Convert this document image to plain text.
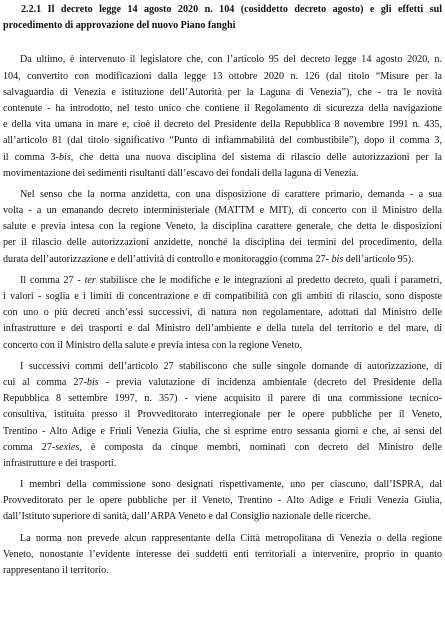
2.2.1 Il decreto legge 14 agosto 2020 n. 104 (cosiddetto decreto agosto) e gli effetti sul
procedimento di approvazione del nuovo Piano fanghi
Da ultimo, è intervenuto il legislatore che, con l’articolo 95 del decreto legge 14 agosto 2020, n.
104, convertito con modificazioni dalla legge 13 ottobre 2020 n. 126 (dal titolo “Misure per la
salvaguardia di Venezia e istituzione dell’Autorità per la Laguna di Venezia”), che - tra le novità
contenute - ha introdotto, nel testo unico che contiene il Regolamento di sicurezza della navigazione
e della vita umana in mare e, cioè il decreto del Presidente della Repubblica 8 novembre 1991 n. 435,
all’articolo 81 (dal titolo significativo “Punto di infiammabilità del combustibile”), dopo il comma 3,
il comma 3-bis, che detta una nuova disciplina del sistema di rilascio delle autorizzazioni per la
movimentazione dei sedimenti risultanti dall’escavo dei fondali della laguna di Venezia.
Nel senso che la norma anzidetta, con una disposizione di carattere primario, demanda - a sua
volta - a un emanando decreto interministeriale (MATTM e MIT), di concerto con il Ministro della
salute e previa intesa con la regione Veneto, la disciplina carattere generale, che detta le disposizioni
per il rilascio delle autorizzazioni anzidette, nonché la disciplina dei termini del procedimento, della
durata dell’autorizzazione e dell’attività di controllo e monitoraggio (comma 27- bis dell’articolo 95).
Il comma 27 - ter stabilisce che le modifiche e le integrazioni al predetto decreto, quali i parametri,
i valori - soglia e i limiti di concentrazione e di compatibilità con gli ambiti di rilascio, sono disposte
con uno o più decreti anch’essi successivi, di natura non regolamentare, adottati dal Ministro delle
infrastrutture e dei trasporti e dal Ministro dell’ambiente e della tutela del territorio e del mare, di
concerto con il Ministro della salute e previa intesa con la regione Veneto.
I successivi commi dell’articolo 27 stabiliscono che sulle singole domande di autorizzazione, di
cui al comma 27-bis - previa valutazione di incidenza ambientale (decreto del Presidente della
Repubblica 8 settembre 1997, n. 357) - viene acquisito il parere di una commissione tecnico-
consultiva, istituita presso il Provveditorato interregionale per le opere pubbliche per il Veneto,
Trentino - Alto Adige e Friuli Venezia Giulia, che si esprime entro sessanta giorni e che, ai sensi del
comma 27-sexies, è composta da cinque membri, nominati con decreto del Ministro delle
infrastrutture e dei trasporti.
I membri della commissione sono designati rispettivamente, uno per ciascuno, dall’ISPRA, dal
Provveditorato per le opere pubbliche per il Veneto, Trentino - Alto Adige e Friuli Venezia Giulia,
dall’Istituto superiore di sanità, dall’ARPA Veneto e dal Consiglio nazionale delle ricerche.
La norma non prevede alcun rappresentante della Città metropolitana di Venezia o della regione
Veneto, nonostante l’evidente interesse dei suddetti enti territoriali a intervenire, proprio in quanto
rappresentano il territorio.
